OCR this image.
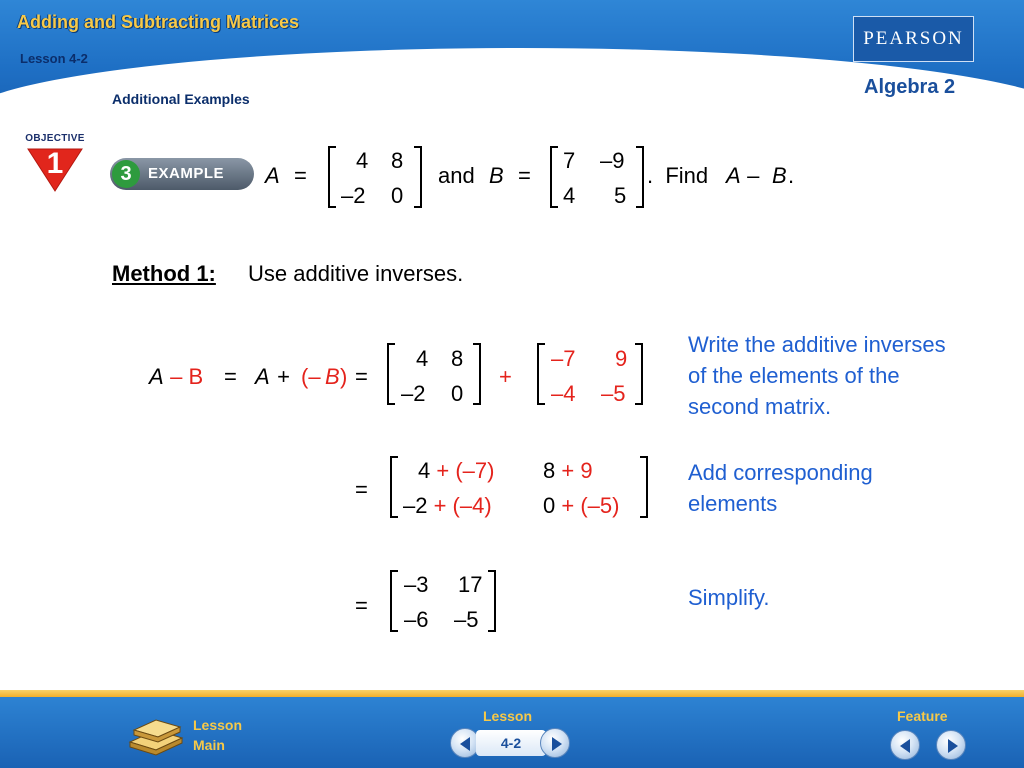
Adding and Subtracting Matrices
Lesson 4-2
Additional Examples
PEARSON
Algebra 2
OBJECTIVE
1	3	EXAMPLE A =
4 8
–2 0
and B =
7 –9
4 5
.  Find A – B .
Method 1: Use additive inverses.
A – B = A + (– B ) =
4 8
–2 0
+
–7 9
–4 –5
Write the additive inverses
of the elements of the
second matrix.
=
4 + (–7) 8 + 9
–2 + (–4) 0 + (–5)
Add corresponding
elements
=
–3 17
–6 –5
Simplify.
Lesson
Main
Lesson
4-2
Feature
